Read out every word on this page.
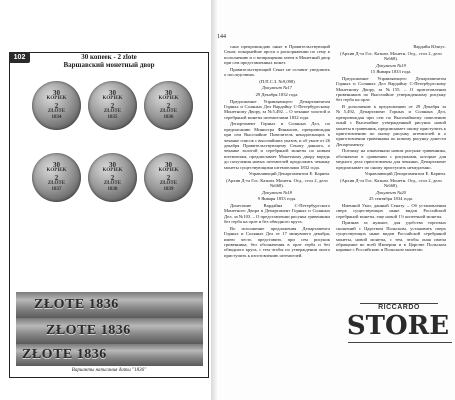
102	30 копеек - 2 zlote
Варшавский монетный двор
30
KOPIEK
2
ZŁOTE
1834
30
KOPIEK
2
ZŁOTE
1835
30
KOPIEK
2
ZŁOTE
1836
30
KOPIEK
2
ZŁOTE
1837
30
KOPIEK
2
ZŁOTE
1838
30
KOPIEK
2
ZŁOTE
1839
ZŁOTE 1836
ZŁOTE 1836
ZŁOTE 1836
Варианты написания даты "1836"
144

сано препровождаю оные в Правительствующий Сенат, покорнейше прося о распоряжении по сему к исполнению и о возвращении затем в Монетный двор при сем представленных монет.

Правительствующий Сенат не оставит уведомить о последствиях.

(П.П.С.З. №9,098)

Документ №17

29 Декабря 1832 года.

Предложение Управляющего Департаментом Горных и Соляных Дел Вардайну С-Петербургскому Монетному Двору, за №5,492. – О чеканке золотой и серебряной монеты штемпелями 1832 года.

Департамент Горных и Соляных Дел, по предписанию Министра Финансов, препровождая при сем Высочайше Повелитель ненадлежащих к чеканке список с высочайших указов, и об указе от 26 декабря Правительствующему Сенату даннаго, о чеканке золотой и серебряной монеты по новым штемпелям, предписывает Монетному двору впредь до получения новых штемпелей продолжать чеканку монеты существующими штемпелями 1832 года.

Управляющий Департаментом Е. Кариен.

(Архив Д-та Гос. Казнач. Монетн. Отд., стол 2, дело №668).

Документ №18

9 Января 1833 года.

Донесение Вардайна С-Петербургского Монетного Двора в Департамент Горных и Соляных Дел, за №103. – О представлении рисунка гривенника без герба на орле и без обводного круга.

Во исполнение предложения Департамента Горных и Соляных Дел от 17 минувшего декабря, имею честь представить при сем рисунок гривенника, без обозначения в орле герба и без обводного круга, с тем чтобы по утверждении оного приступить к изготовлению штемпелей.

Вардайн Юлиус.

(Архив Д-та Гос. Казнач. Монетн. Отд., стол 2, дело №668).

Документ №19

15 Января 1833 года.

Предложение Управляющего Департаментом Горных и Соляных Дел Вардайну С-Петербургскому Монетному Двору, за №155. – О приготовлении гривенников по Высочайше утвержденному рисунку без герба на орле.

В дополнение к предложению от 29 Декабря за №5,492, Департамент Горных и Соляных Дел, препровождая при сем по Высочайшему повелению оный с Высочайше утвержденный рисунок новой монеты в гривенник, предписывает оному приступить к приготовлению по оному рисунку штемпелей и о приготовлении гривенника по новому рисунку донести Департаменту.

Поелику на означенном новом рисунке гривенника, обозначено в сравнении с рисунками, которые для медного дела приготовлены для чеканки, Департамент предписывает по оному приступить немедленно.

Управляющий Департаментом Е. Кариен.

(Архив Д-та Гос. Казнач. Монетн. Отд., стол 2, дело №668).

Документ №20

25 сентября 1834 года.

Именной Указ, данный Сенату. – Об установлении сверх существующих ныне видов Российской серебряной монеты, еще новой 1½ копеечной монеты.

Признав за нужное, для удобства торговых сношений с Царством Польским, установить сверх существующих ныне видов Российской серебряной монеты, новой монеты, с тем, чтобы оная имела обращение во всей Империи и в Царстве Польском наравне с Российскою и Польскою монетою.

RICCARDO
STORE
